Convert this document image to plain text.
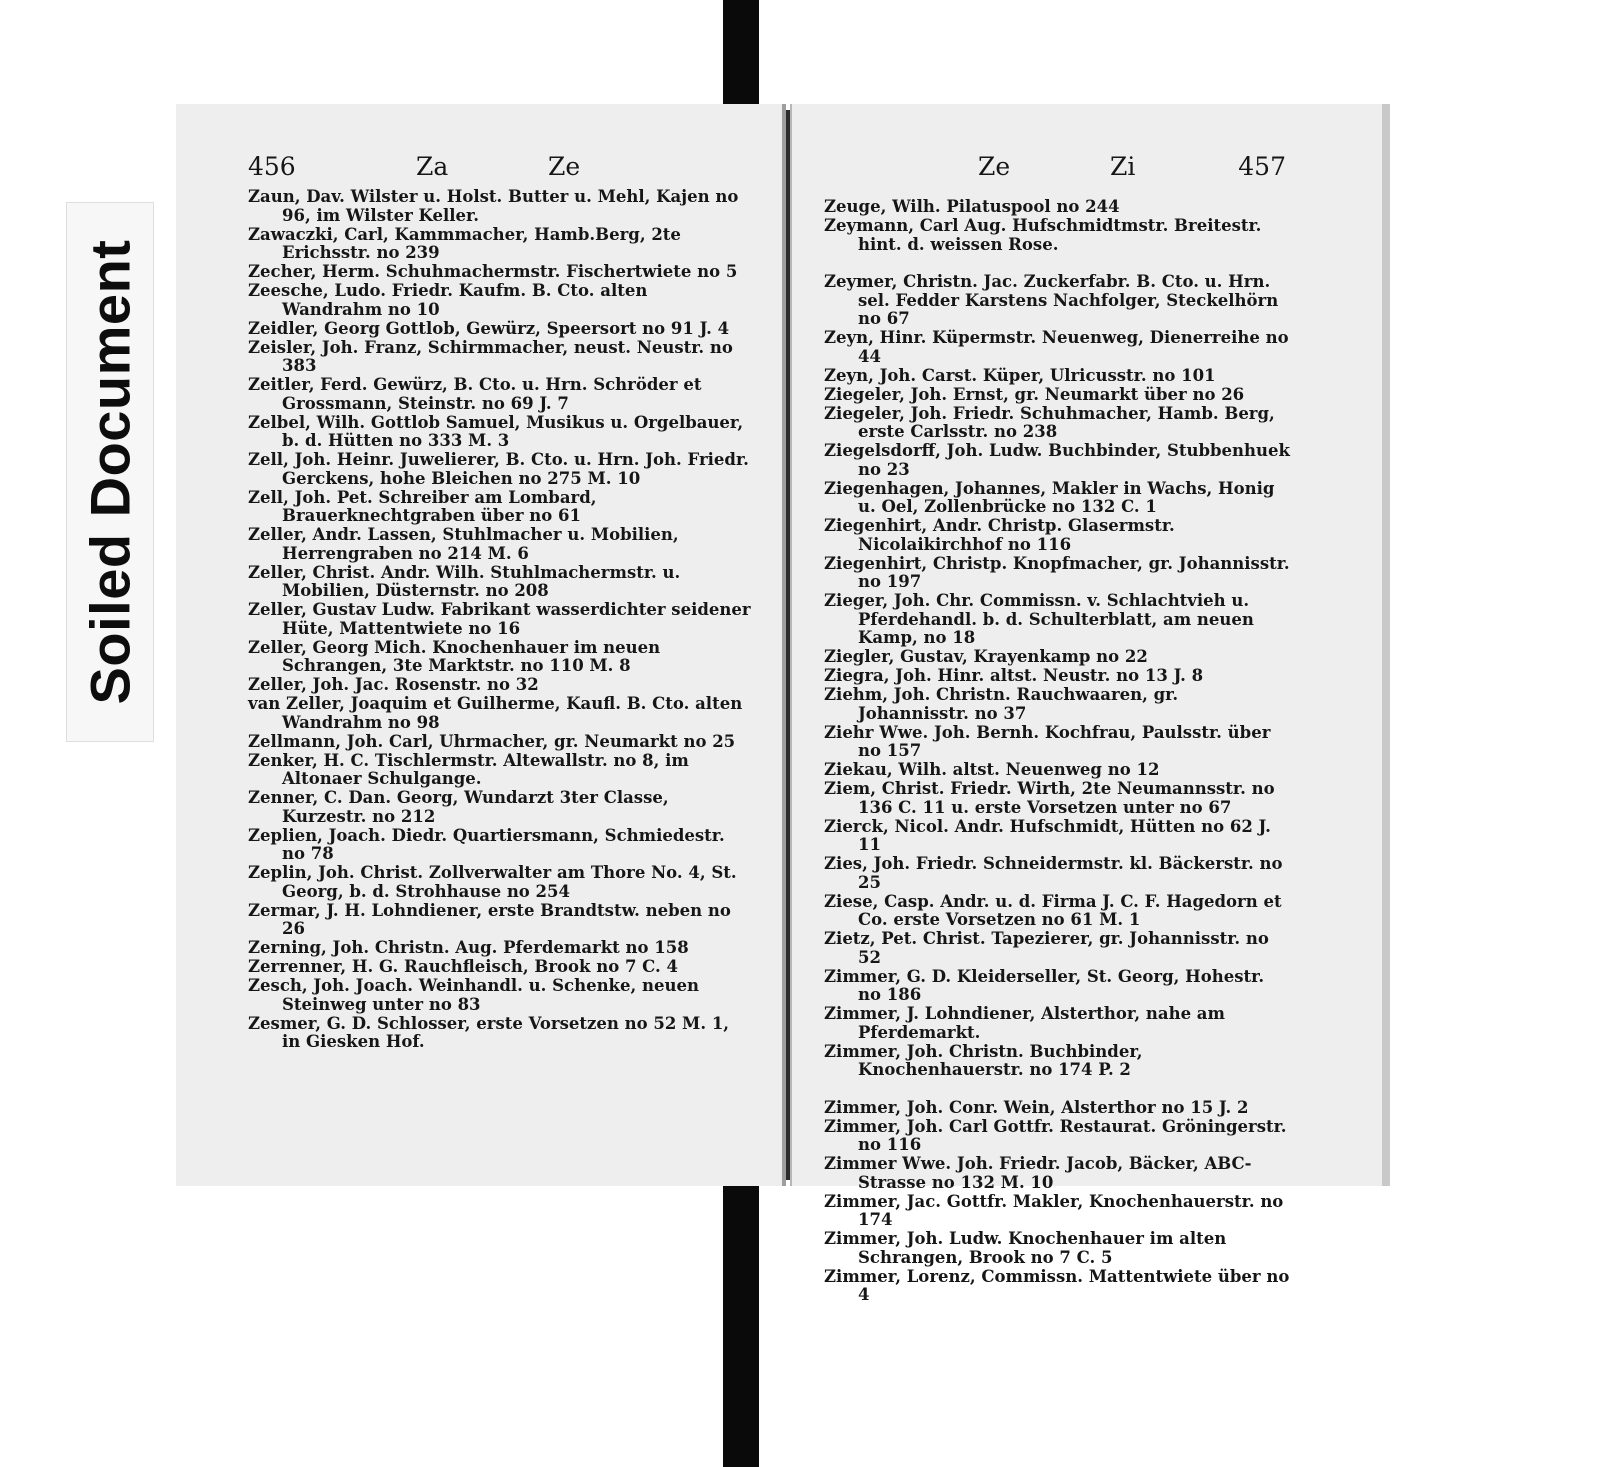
Soiled Document
456	Za	Ze

Zaun, Dav. Wilster u. Holst. Butter u. Mehl, Kajen no 96, im Wilster Keller.

Zawaczki, Carl, Kammmacher, Hamb.Berg, 2te Erichsstr. no 239

Zecher, Herm. Schuhmachermstr. Fischertwiete no 5

Zeesche, Ludo. Friedr. Kaufm. B. Cto. alten Wandrahm no 10

Zeidler, Georg Gottlob, Gewürz, Speersort no 91 J. 4

Zeisler, Joh. Franz, Schirmmacher, neust. Neustr. no 383

Zeitler, Ferd. Gewürz, B. Cto. u. Hrn. Schröder et Grossmann, Steinstr. no 69 J. 7

Zelbel, Wilh. Gottlob Samuel, Musikus u. Orgelbauer, b. d. Hütten no 333 M. 3

Zell, Joh. Heinr. Juwelierer, B. Cto. u. Hrn. Joh. Friedr. Gerckens, hohe Bleichen no 275 M. 10

Zell, Joh. Pet. Schreiber am Lombard, Brauerknechtgraben über no 61

Zeller, Andr. Lassen, Stuhlmacher u. Mobilien, Herrengraben no 214 M. 6

Zeller, Christ. Andr. Wilh. Stuhlmachermstr. u. Mobilien, Düsternstr. no 208

Zeller, Gustav Ludw. Fabrikant wasserdichter seidener Hüte, Mattentwiete no 16

Zeller, Georg Mich. Knochenhauer im neuen Schrangen, 3te Marktstr. no 110 M. 8

Zeller, Joh. Jac. Rosenstr. no 32

van Zeller, Joaquim et Guilherme, Kaufl. B. Cto. alten Wandrahm no 98

Zellmann, Joh. Carl, Uhrmacher, gr. Neumarkt no 25

Zenker, H. C. Tischlermstr. Altewallstr. no 8, im Altonaer Schulgange.

Zenner, C. Dan. Georg, Wundarzt 3ter Classe, Kurzestr. no 212

Zeplien, Joach. Diedr. Quartiersmann, Schmiedestr. no 78

Zeplin, Joh. Christ. Zollverwalter am Thore No. 4, St. Georg, b. d. Strohhause no 254

Zermar, J. H. Lohndiener, erste Brandtstw. neben no 26

Zerning, Joh. Christn. Aug. Pferdemarkt no 158

Zerrenner, H. G. Rauchfleisch, Brook no 7 C. 4

Zesch, Joh. Joach. Weinhandl. u. Schenke, neuen Steinweg unter no 83

Zesmer, G. D. Schlosser, erste Vorsetzen no 52 M. 1, in Giesken Hof.

Ze	Zi	457

Zeuge, Wilh. Pilatuspool no 244

Zeymann, Carl Aug. Hufschmidtmstr. Breitestr. hint. d. weissen Rose.

Zeymer, Christn. Jac. Zuckerfabr. B. Cto. u. Hrn. sel. Fedder Karstens Nachfolger, Steckelhörn no 67

Zeyn, Hinr. Küpermstr. Neuenweg, Dienerreihe no 44

Zeyn, Joh. Carst. Küper, Ulricusstr. no 101

Ziegeler, Joh. Ernst, gr. Neumarkt über no 26

Ziegeler, Joh. Friedr. Schuhmacher, Hamb. Berg, erste Carlsstr. no 238

Ziegelsdorff, Joh. Ludw. Buchbinder, Stubbenhuek no 23

Ziegenhagen, Johannes, Makler in Wachs, Honig u. Oel, Zollenbrücke no 132 C. 1

Ziegenhirt, Andr. Christp. Glasermstr. Nicolaikirchhof no 116

Ziegenhirt, Christp. Knopfmacher, gr. Johannisstr. no 197

Zieger, Joh. Chr. Commissn. v. Schlachtvieh u. Pferdehandl. b. d. Schulterblatt, am neuen Kamp, no 18

Ziegler, Gustav, Krayenkamp no 22

Ziegra, Joh. Hinr. altst. Neustr. no 13 J. 8

Ziehm, Joh. Christn. Rauchwaaren, gr. Johannisstr. no 37

Ziehr Wwe. Joh. Bernh. Kochfrau, Paulsstr. über no 157

Ziekau, Wilh. altst. Neuenweg no 12

Ziem, Christ. Friedr. Wirth, 2te Neumannsstr. no 136 C. 11 u. erste Vorsetzen unter no 67

Zierck, Nicol. Andr. Hufschmidt, Hütten no 62 J. 11

Zies, Joh. Friedr. Schneidermstr. kl. Bäckerstr. no 25

Ziese, Casp. Andr. u. d. Firma J. C. F. Hagedorn et Co. erste Vorsetzen no 61 M. 1

Zietz, Pet. Christ. Tapezierer, gr. Johannisstr. no 52

Zimmer, G. D. Kleiderseller, St. Georg, Hohestr. no 186

Zimmer, J. Lohndiener, Alsterthor, nahe am Pferdemarkt.

Zimmer, Joh. Christn. Buchbinder, Knochenhauerstr. no 174 P. 2

Zimmer, Joh. Conr. Wein, Alsterthor no 15 J. 2

Zimmer, Joh. Carl Gottfr. Restaurat. Gröningerstr. no 116

Zimmer Wwe. Joh. Friedr. Jacob, Bäcker, ABC-Strasse no 132 M. 10

Zimmer, Jac. Gottfr. Makler, Knochenhauerstr. no 174

Zimmer, Joh. Ludw. Knochenhauer im alten Schrangen, Brook no 7 C. 5

Zimmer, Lorenz, Commissn. Mattentwiete über no 4
